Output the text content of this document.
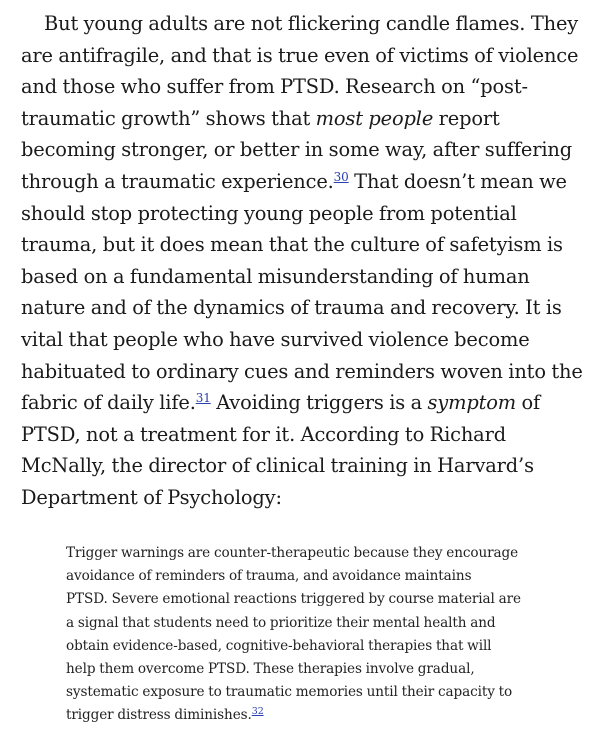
But young adults are not flickering candle flames. They
are antifragile, and that is true even of victims of violence
and those who suffer from PTSD. Research on “post-
traumatic growth” shows that most people report
becoming stronger, or better in some way, after suffering
through a traumatic experience.$^{30}$ That doesn’t mean we
should stop protecting young people from potential
trauma, but it does mean that the culture of safetyism is
based on a fundamental misunderstanding of human
nature and of the dynamics of trauma and recovery. It is
vital that people who have survived violence become
habituated to ordinary cues and reminders woven into the
fabric of daily life.$^{31}$ Avoiding triggers is a symptom of
PTSD, not a treatment for it. According to Richard
McNally, the director of clinical training in Harvard’s
Department of Psychology:

Trigger warnings are counter-therapeutic because they encourage
avoidance of reminders of trauma, and avoidance maintains
PTSD. Severe emotional reactions triggered by course material are
a signal that students need to prioritize their mental health and
obtain evidence-based, cognitive-behavioral therapies that will
help them overcome PTSD. These therapies involve gradual,
systematic exposure to traumatic memories until their capacity to
trigger distress diminishes.$^{32}$
